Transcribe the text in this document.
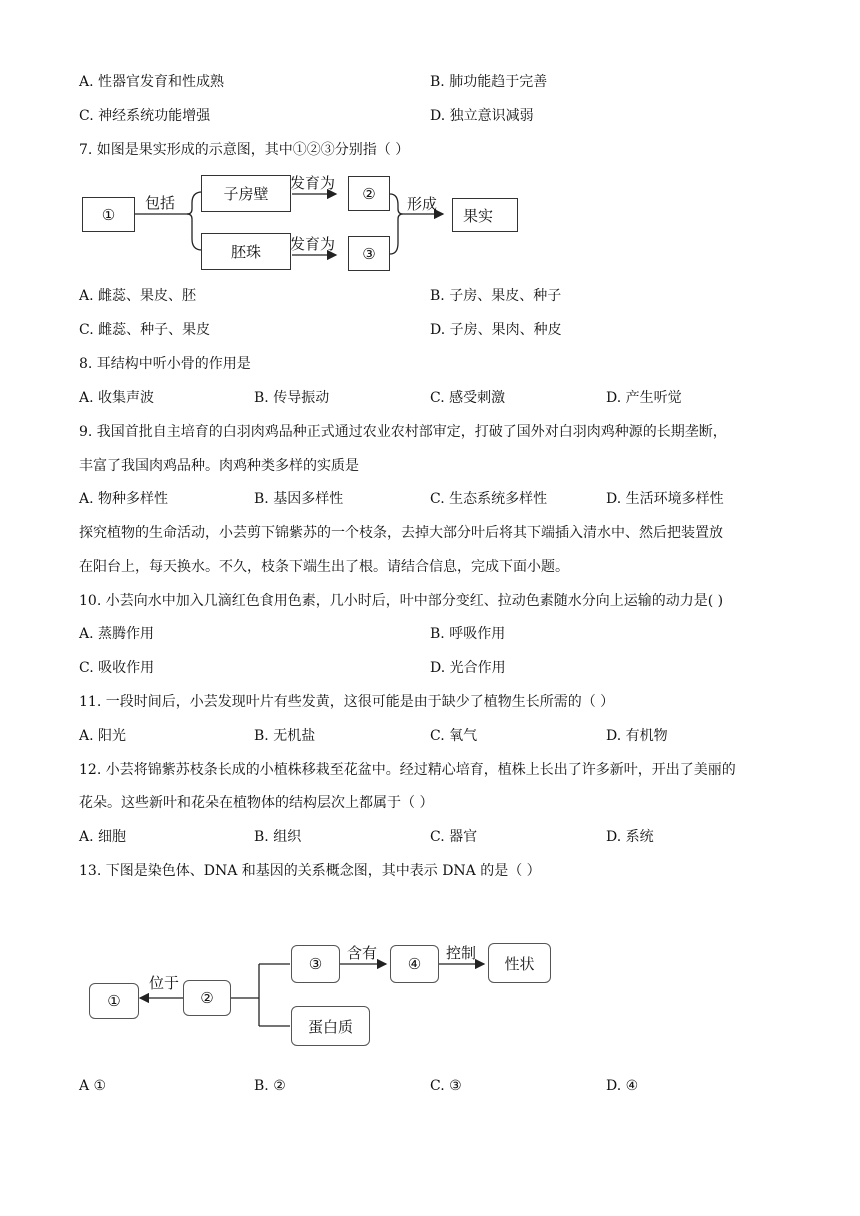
A. 性器官发育和性成熟	B. 肺功能趋于完善
C. 神经系统功能增强	D. 独立意识减弱
7. 如图是果实形成的示意图，其中①②③分别指（ ）
①
包括	子房壁
胚珠
发育为
发育为
②
③
形成
果实
A. 雌蕊、果皮、胚	B. 子房、果皮、种子
C. 雌蕊、种子、果皮	D. 子房、果肉、种皮
8. 耳结构中听小骨的作用是
A. 收集声波	B. 传导振动	C. 感受刺激	D. 产生听觉
9. 我国首批自主培育的白羽肉鸡品种正式通过农业农村部审定，打破了国外对白羽肉鸡种源的长期垄断，
丰富了我国肉鸡品种。肉鸡种类多样的实质是
A. 物种多样性	B. 基因多样性	C. 生态系统多样性	D. 生活环境多样性
探究植物的生命活动，小芸剪下锦紫苏的一个枝条，去掉大部分叶后将其下端插入清水中、然后把装置放
在阳台上，每天换水。不久，枝条下端生出了根。请结合信息，完成下面小题。
10. 小芸向水中加入几滴红色食用色素，几小时后，叶中部分变红、拉动色素随水分向上运输的动力是( )
A. 蒸腾作用	B. 呼吸作用
C. 吸收作用	D. 光合作用
11. 一段时间后，小芸发现叶片有些发黄，这很可能是由于缺少了植物生长所需的（ ）
A. 阳光	B. 无机盐	C. 氧气	D. 有机物
12. 小芸将锦紫苏枝条长成的小植株移栽至花盆中。经过精心培育，植株上长出了许多新叶，开出了美丽的
花朵。这些新叶和花朵在植物体的结构层次上都属于（ ）
A. 细胞	B. 组织	C. 器官	D. 系统
13. 下图是染色体、DNA 和基因的关系概念图，其中表示 DNA 的是（ ）
①
位于
②
③
含有
④
控制
性状
蛋白质
A ①	B. ②	C. ③	D. ④
